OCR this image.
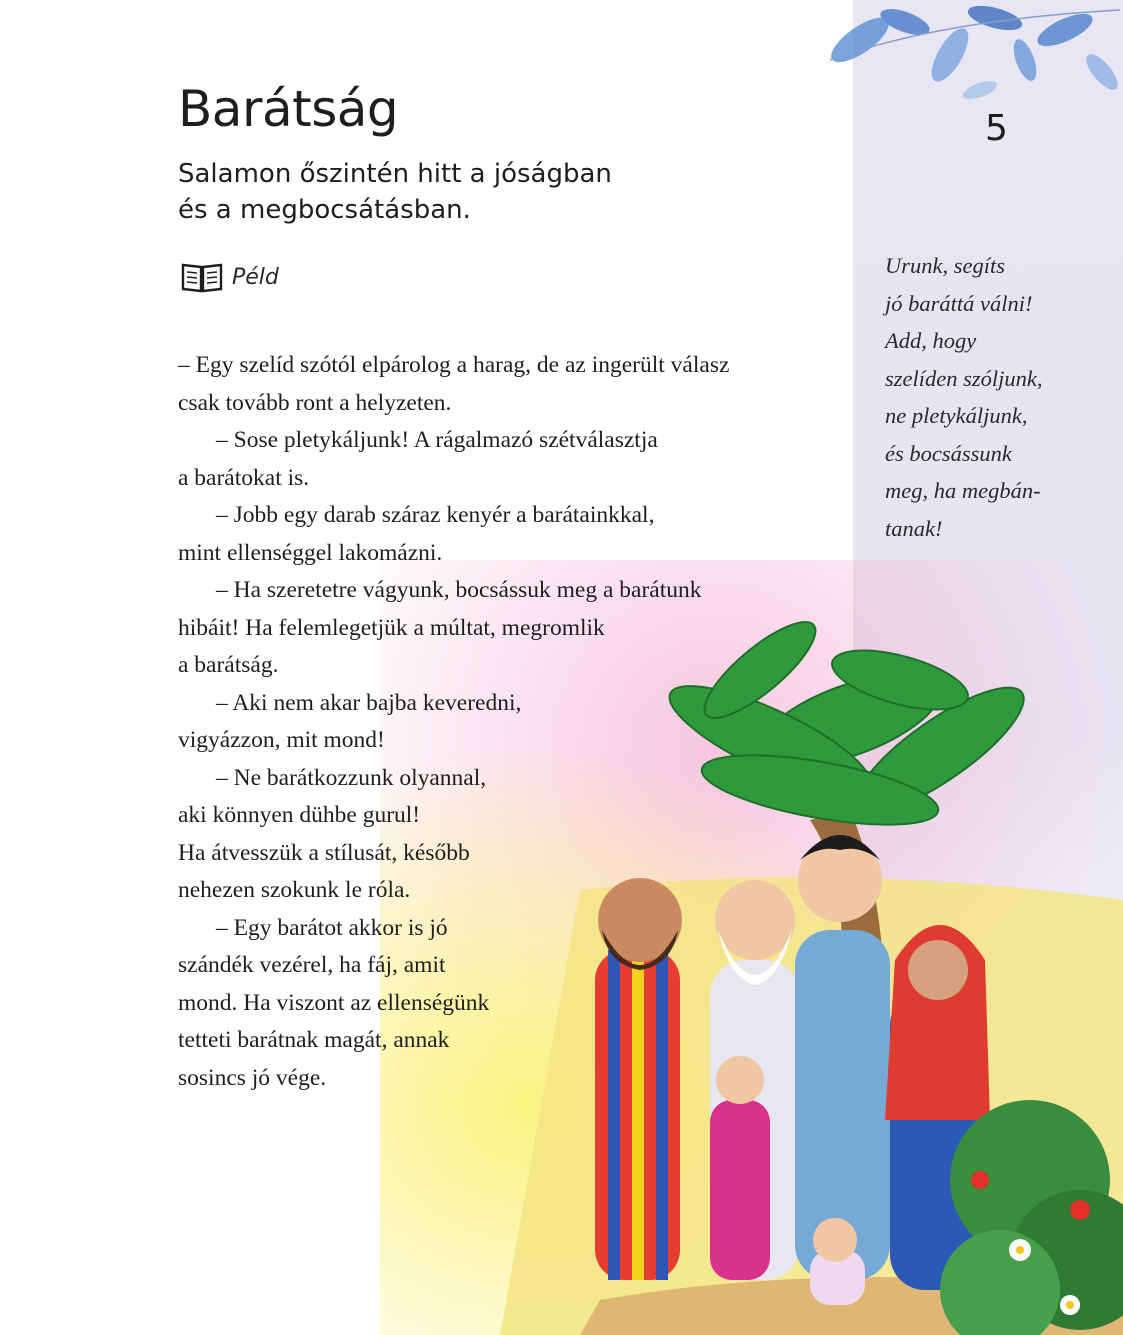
5
Urunk, segíts
jó baráttá válni!
Add, hogy
szelíden szóljunk,
ne pletykáljunk,
és bocsássunk
meg, ha megbán-
tanak!
Barátság
Salamon őszintén hitt a jóságban
és a megbocsátásban.
Péld
– Egy szelíd szótól elpárolog a harag, de az ingerült válasz
csak tovább ront a helyzeten.
– Sose pletykáljunk! A rágalmazó szétválasztja
a barátokat is.
– Jobb egy darab száraz kenyér a barátainkkal,
mint ellenséggel lakomázni.
– Ha szeretetre vágyunk, bocsássuk meg a barátunk
hibáit! Ha felemlegetjük a múltat, megromlik
a barátság.
– Aki nem akar bajba keveredni,
vigyázzon, mit mond!
– Ne barátkozzunk olyannal,
aki könnyen dühbe gurul!
Ha átvesszük a stílusát, később
nehezen szokunk le róla.
– Egy barátot akkor is jó
szándék vezérel, ha fáj, amit
mond. Ha viszont az ellenségünk
tetteti barátnak magát, annak
sosincs jó vége.
